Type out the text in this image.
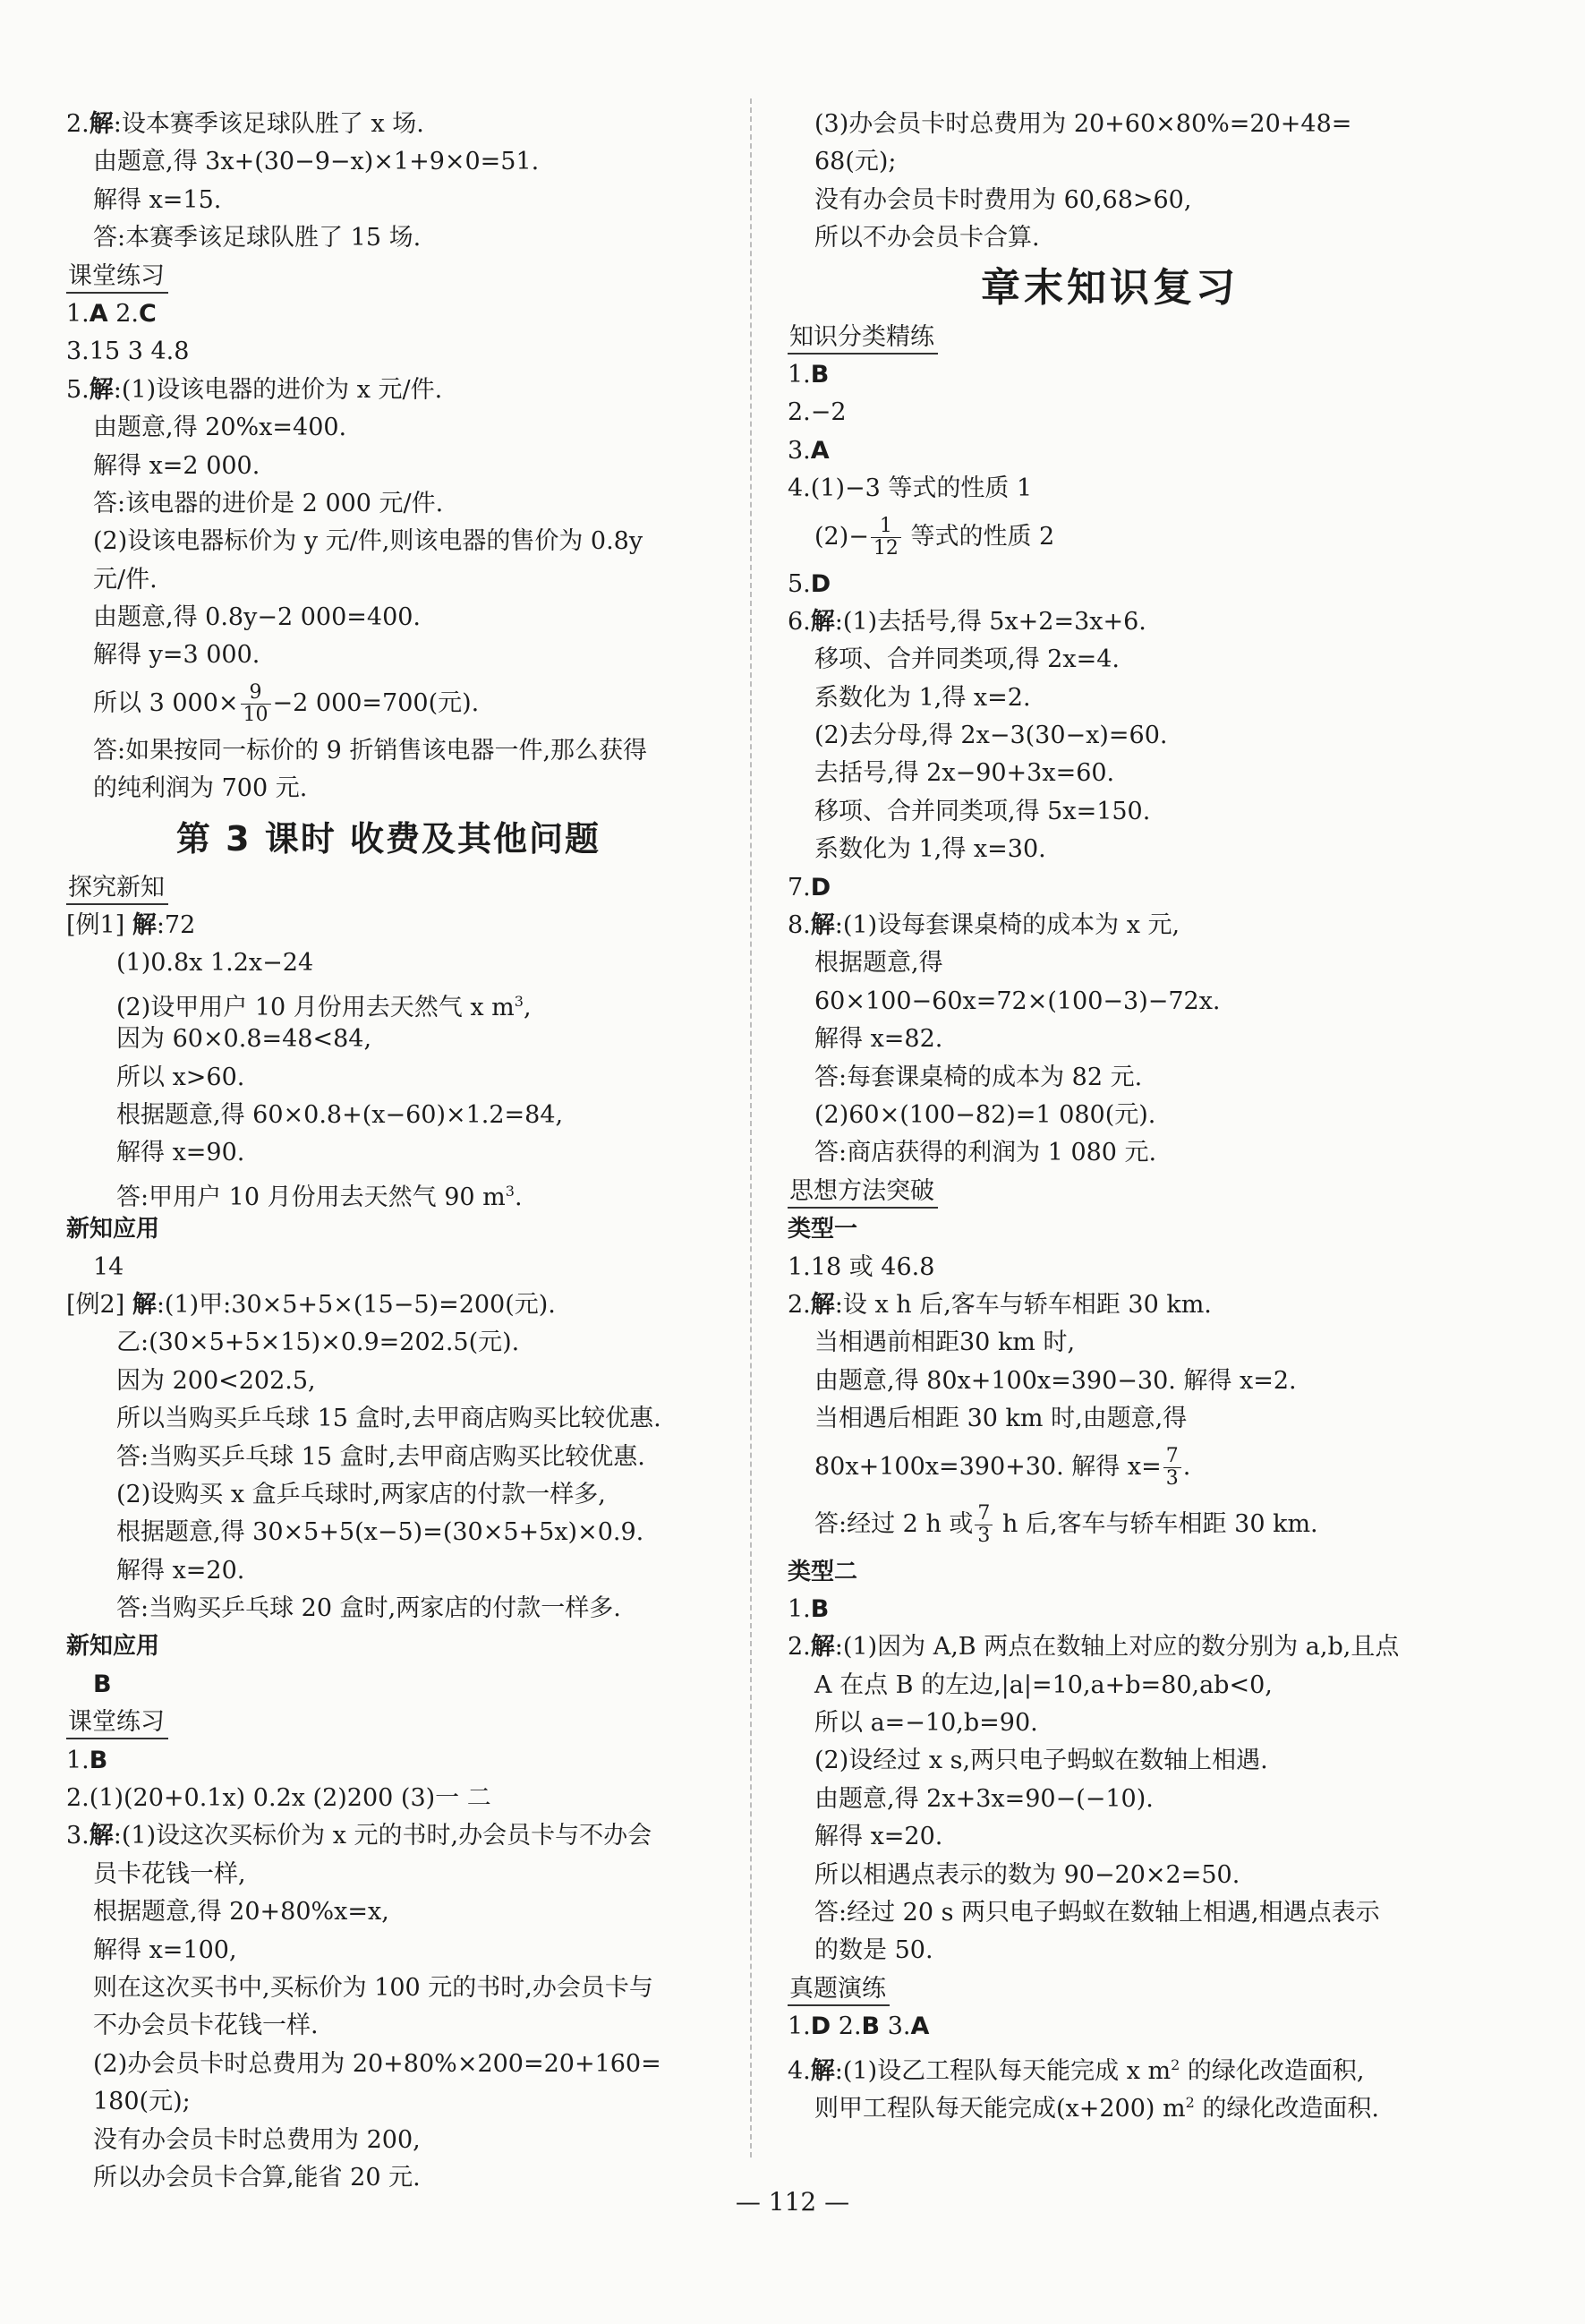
2.解:设本赛季该足球队胜了 x 场.
由题意,得 3x+(30−9−x)×1+9×0=51.
解得 x=15.
答:本赛季该足球队胜了 15 场.
课堂练习
1.A 2.C
3.15 3 4.8
5.解:(1)设该电器的进价为 x 元/件.
由题意,得 20%x=400.
解得 x=2 000.
答:该电器的进价是 2 000 元/件.
(2)设该电器标价为 y 元/件,则该电器的售价为 0.8y
元/件.
由题意,得 0.8y−2 000=400.
解得 y=3 000.
所以 3 $000\times \frac{9}{10} -2$ 000=700(元).
答:如果按同一标价的 9 折销售该电器一件,那么获得
的纯利润为 700 元.
第 3 课时 收费及其他问题
探究新知
[例1] 解:72
(1)0.8x 1.2x−24
(2)设甲用户 10 月份用去天然气 x $m^3$,
因为 60×0.8=48<84,
所以 x>60.
根据题意,得 60×0.8+(x−60)×1.2=84,
解得 x=90.
答:甲用户 10 月份用去天然气 90 $m^3$.
新知应用
14
[例2] 解:(1)甲:30×5+5×(15−5)=200(元).
乙:(30×5+5×15)×0.9=202.5(元).
因为 200<202.5,
所以当购买乒乓球 15 盒时,去甲商店购买比较优惠.
答:当购买乒乓球 15 盒时,去甲商店购买比较优惠.
(2)设购买 x 盒乒乓球时,两家店的付款一样多,
根据题意,得 30×5+5(x−5)=(30×5+5x)×0.9.
解得 x=20.
答:当购买乒乓球 20 盒时,两家店的付款一样多.
新知应用
B
课堂练习
1.B
2.(1)(20+0.1x) 0.2x (2)200 (3)一 二
3.解:(1)设这次买标价为 x 元的书时,办会员卡与不办会
员卡花钱一样,
根据题意,得 20+80%x=x,
解得 x=100,
则在这次买书中,买标价为 100 元的书时,办会员卡与
不办会员卡花钱一样.
(2)办会员卡时总费用为 20+80%×200=20+160=
180(元);
没有办会员卡时总费用为 200,
所以办会员卡合算,能省 20 元.
(3)办会员卡时总费用为 20+60×80%=20+48=
68(元);
没有办会员卡时费用为 60,68>60,
所以不办会员卡合算.
章末知识复习
知识分类精练
1.B
2.−2
3.A
4.(1)−3 等式的性质 1
$(2)- \frac{1}{12}$ 等式的性质 2
5.D
6.解:(1)去括号,得 5x+2=3x+6.
移项、合并同类项,得 2x=4.
系数化为 1,得 x=2.
(2)去分母,得 2x−3(30−x)=60.
去括号,得 2x−90+3x=60.
移项、合并同类项,得 5x=150.
系数化为 1,得 x=30.
7.D
8.解:(1)设每套课桌椅的成本为 x 元,
根据题意,得
60×100−60x=72×(100−3)−72x.
解得 x=82.
答:每套课桌椅的成本为 82 元.
(2)60×(100−82)=1 080(元).
答:商店获得的利润为 1 080 元.
思想方法突破
类型一
1.18 或 46.8
2.解:设 x h 后,客车与轿车相距 30 km.
当相遇前相距30 km 时,
由题意,得 80x+100x=390−30. 解得 x=2.
当相遇后相距 30 km 时,由题意,得
80x+100x=390+30. 解得 $x= \frac{7}{3}$ .
答:经过 2 h 或 $\frac{7}{3}$ h 后,客车与轿车相距 30 km.
类型二
1.B
2.解:(1)因为 A,B 两点在数轴上对应的数分别为 a,b,且点
A 在点 B 的左边,|a|=10,a+b=80,ab<0,
所以 a=−10,b=90.
(2)设经过 x s,两只电子蚂蚁在数轴上相遇.
由题意,得 2x+3x=90−(−10).
解得 x=20.
所以相遇点表示的数为 90−20×2=50.
答:经过 20 s 两只电子蚂蚁在数轴上相遇,相遇点表示
的数是 50.
真题演练
1.D 2.B 3.A
4.解:(1)设乙工程队每天能完成 x $m^2$ 的绿化改造面积,
则甲工程队每天能完成(x+200) $m^2$ 的绿化改造面积.
— 112 —
